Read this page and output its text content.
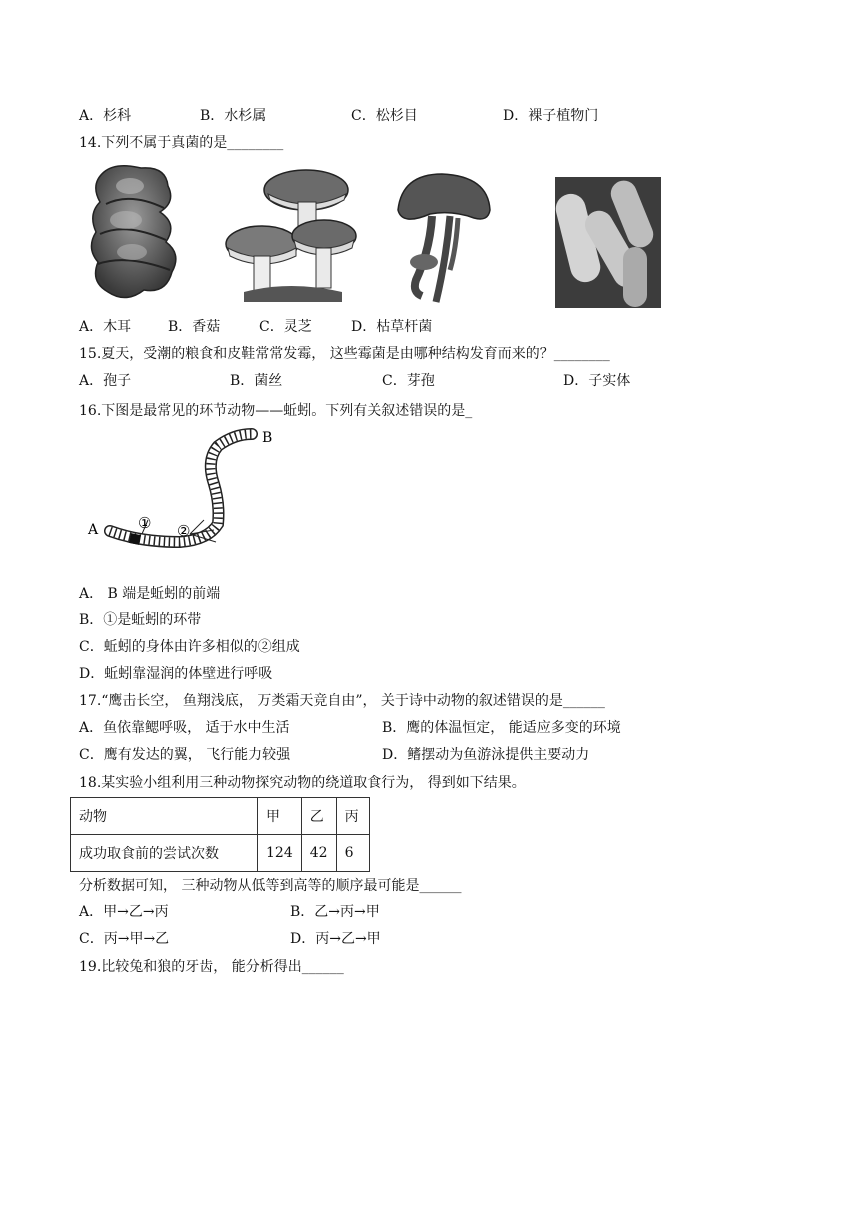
A．杉科	B．水杉属	C．松杉目	D．裸子植物门
14.下列不属于真菌的是________
A．木耳	B．香菇	C．灵芝	D．枯草杆菌
15.夏天，受潮的粮食和皮鞋常常发霉， 这些霉菌是由哪种结构发育而来的？________
A．孢子	B．菌丝	C．芽孢	D．子实体
16.下图是最常见的环节动物——蚯蚓。下列有关叙述错误的是_
A
B
① ②
A． B 端是蚯蚓的前端
B．①是蚯蚓的环带
C．蚯蚓的身体由许多相似的②组成
D．蚯蚓靠湿润的体壁进行呼吸
17.“鹰击长空， 鱼翔浅底， 万类霜天竞自由”， 关于诗中动物的叙述错误的是______
A．鱼依靠鳃呼吸， 适于水中生活	B．鹰的体温恒定， 能适应多变的环境
C．鹰有发达的翼， 飞行能力较强	D．鳍摆动为鱼游泳提供主要动力
18.某实验小组利用三种动物探究动物的绕道取食行为， 得到如下结果。
动物	甲	乙	丙
成功取食前的尝试次数	124	42	6
分析数据可知， 三种动物从低等到高等的顺序最可能是______
A．甲→乙→丙	B．乙→丙→甲
C．丙→甲→乙	D．丙→乙→甲
19.比较兔和狼的牙齿， 能分析得出______
